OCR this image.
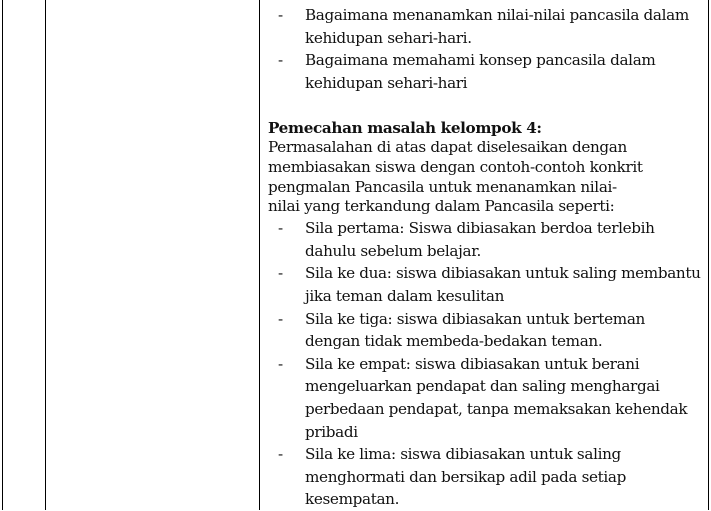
- Bagaimana menanamkan nilai-nilai pancasila dalam kehidupan sehari-hari.
- Bagaimana memahami konsep pancasila dalam kehidupan sehari-hari
Pemecahan masalah kelompok 4:
Permasalahan di atas dapat diselesaikan dengan
membiasakan siswa dengan contoh-contoh konkrit
pengmalan Pancasila untuk menanamkan nilai-
nilai yang terkandung dalam Pancasila seperti:
- Sila pertama: Siswa dibiasakan berdoa terlebih dahulu sebelum belajar.
- Sila ke dua: siswa dibiasakan untuk saling membantu jika teman dalam kesulitan
- Sila ke tiga: siswa dibiasakan untuk berteman dengan tidak membeda-bedakan teman.
- Sila ke empat: siswa dibiasakan untuk berani mengeluarkan pendapat dan saling menghargai perbedaan pendapat, tanpa memaksakan kehendak pribadi
- Sila ke lima: siswa dibiasakan untuk saling menghormati dan bersikap adil pada setiap kesempatan.
